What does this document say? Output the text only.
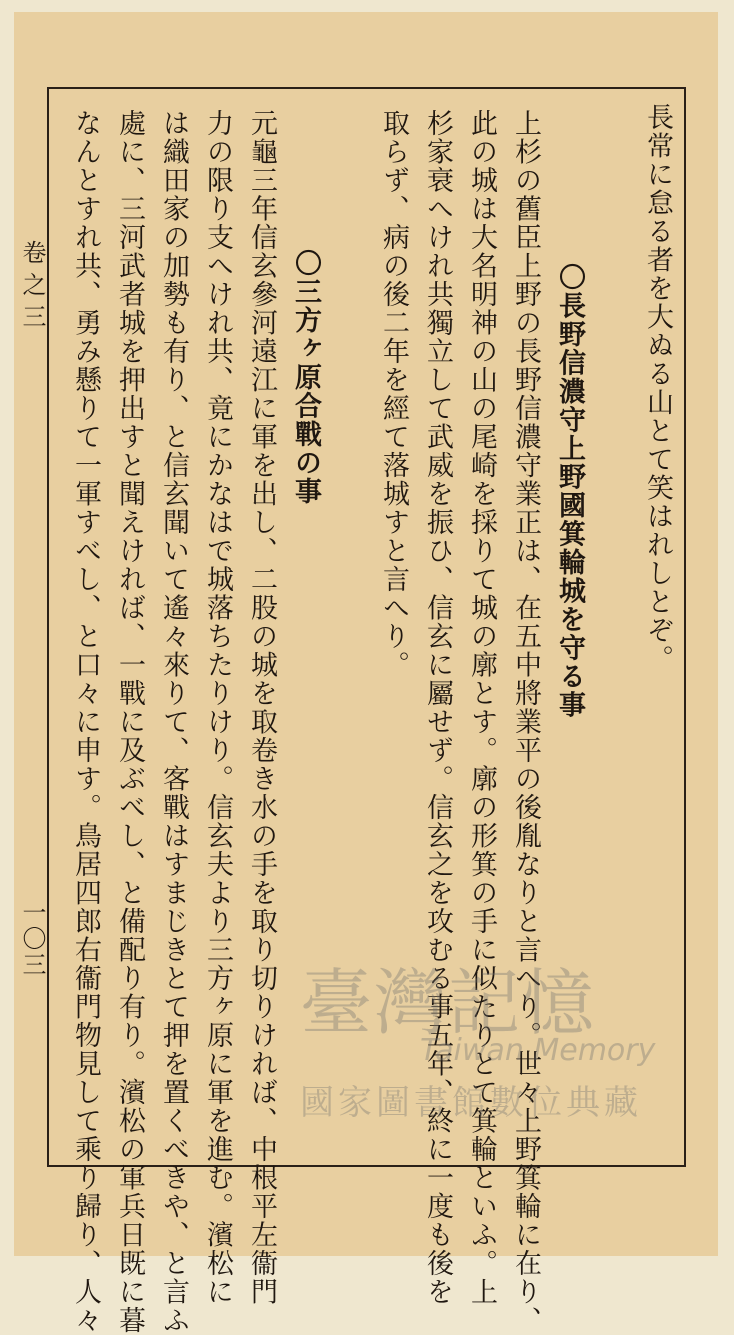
長常に怠る者を大ぬる山とて笑はれしとぞ。
〇長野信濃守上野國箕輪城を守る事
上杉の舊臣上野の長野信濃守業正は、在五中將業平の後胤なりと言へり。世々上野箕輪に在り、
此の城は大名明神の山の尾崎を採りて城の廓とす。廓の形箕の手に似たりとて箕輪といふ。上
杉家衰へけれ共獨立して武威を振ひ、信玄に屬せず。信玄之を攻むる事五年、終に一度も後を
取らず、病の後二年を經て落城すと言へり。
〇三方ヶ原合戰の事
元龜三年信玄參河遠江に軍を出し、二股の城を取卷き水の手を取り切りければ、中根平左衞門
力の限り支へけれ共、竟にかなはで城落ちたりけり。信玄夫より三方ヶ原に軍を進む。濱松に
は織田家の加勢も有り、と信玄聞いて遙々來りて、客戰はすまじきとて押を置くべきや、と言ふ
處に、三河武者城を押出すと聞えければ、一戰に及ぶべし、と備配り有り。濱松の軍兵日既に暮
なんとすれ共、勇み懸りて一軍すべし、と口々に申す。鳥居四郎右衞門物見して乘り歸り、人々
卷之三
一〇三
臺灣記憶
Taiwan Memory
國家圖書館數位典藏
